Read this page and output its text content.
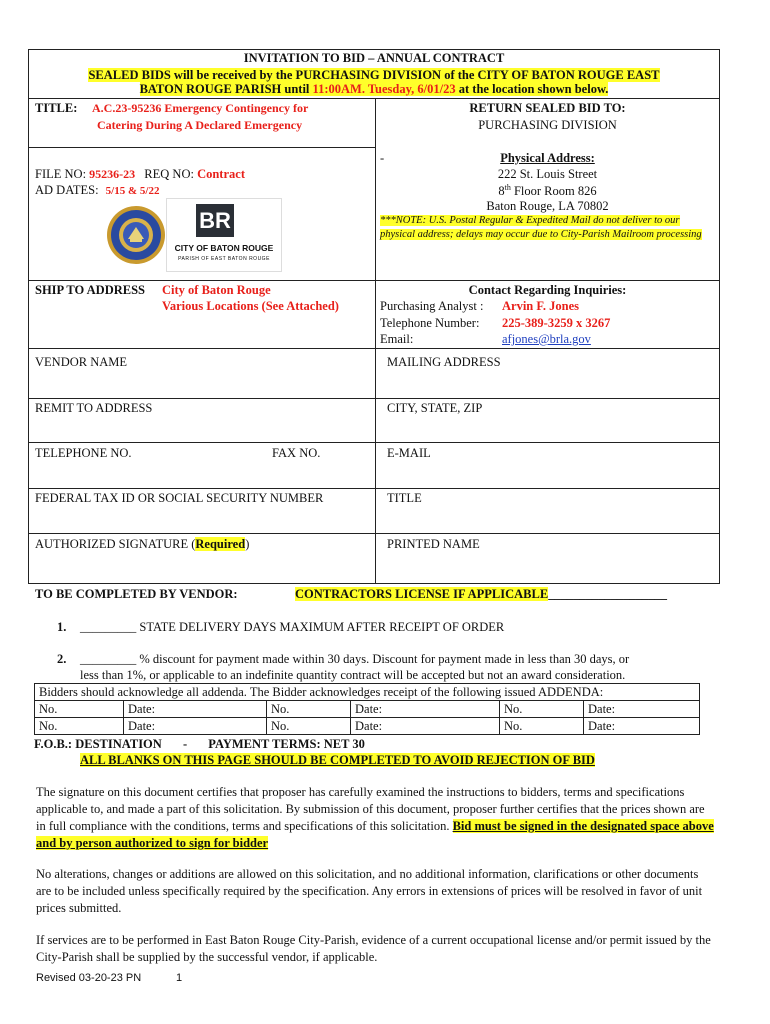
INVITATION TO BID – ANNUAL CONTRACT
SEALED BIDS will be received by the PURCHASING DIVISION of the CITY OF BATON ROUGE EAST
BATON ROUGE PARISH until 11:00AM. Tuesday, 6/01/23 at the location shown below.
TITLE: A.C.23-95236 Emergency Contingency for
Catering During A Declared Emergency
FILE NO: 95236-23 REQ NO: Contract
AD DATES: 5/15 & 5/22
BR
CITY OF BATON ROUGE
PARISH OF EAST BATON ROUGE
RETURN SEALED BID TO:
PURCHASING DIVISION
-	Physical Address:
222 St. Louis Street
8th Floor Room 826
Baton Rouge, LA 70802
***NOTE: U.S. Postal Regular & Expedited Mail do not deliver to our physical address; delays may occur due to City-Parish Mailroom processing
SHIP TO ADDRESS City of Baton Rouge
Various Locations (See Attached)
Contact Regarding Inquiries:
Purchasing Analyst : Arvin F. Jones
Telephone Number: 225-389-3259 x 3267
Email:	afjones@brla.gov
VENDOR NAME	MAILING ADDRESS
REMIT TO ADDRESS	CITY, STATE, ZIP
TELEPHONE NO.	FAX NO.	E-MAIL
FEDERAL TAX ID OR SOCIAL SECURITY NUMBER	TITLE
AUTHORIZED SIGNATURE (Required)	PRINTED NAME
TO BE COMPLETED BY VENDOR:	CONTRACTORS LICENSE IF APPLICABLE___________________
1. _________ STATE DELIVERY DAYS MAXIMUM AFTER RECEIPT OF ORDER
2. _________ % discount for payment made within 30 days. Discount for payment made in less than 30 days, or
less than 1%, or applicable to an indefinite quantity contract will be accepted but not an award consideration.
Bidders should acknowledge all addenda. The Bidder acknowledges receipt of the following issued ADDENDA:					
No.	Date:	No.	Date:	No.	Date:
No.	Date:	No.	Date:	No.	Date:
F.O.B.: DESTINATION - PAYMENT TERMS: NET 30
ALL BLANKS ON THIS PAGE SHOULD BE COMPLETED TO AVOID REJECTION OF BID
The signature on this document certifies that proposer has carefully examined the instructions to bidders, terms and specifications applicable to, and made a part of this solicitation. By submission of this document, proposer further certifies that the prices shown are in full compliance with the conditions, terms and specifications of this solicitation. Bid must be signed in the designated space above and by person authorized to sign for bidder
No alterations, changes or additions are allowed on this solicitation, and no additional information, clarifications or other documents are to be included unless specifically required by the specification. Any errors in extensions of prices will be resolved in favor of unit prices submitted.
If services are to be performed in East Baton Rouge City-Parish, evidence of a current occupational license and/or permit issued by the City-Parish shall be supplied by the successful vendor, if applicable.
Revised 03-20-23 PN	1
